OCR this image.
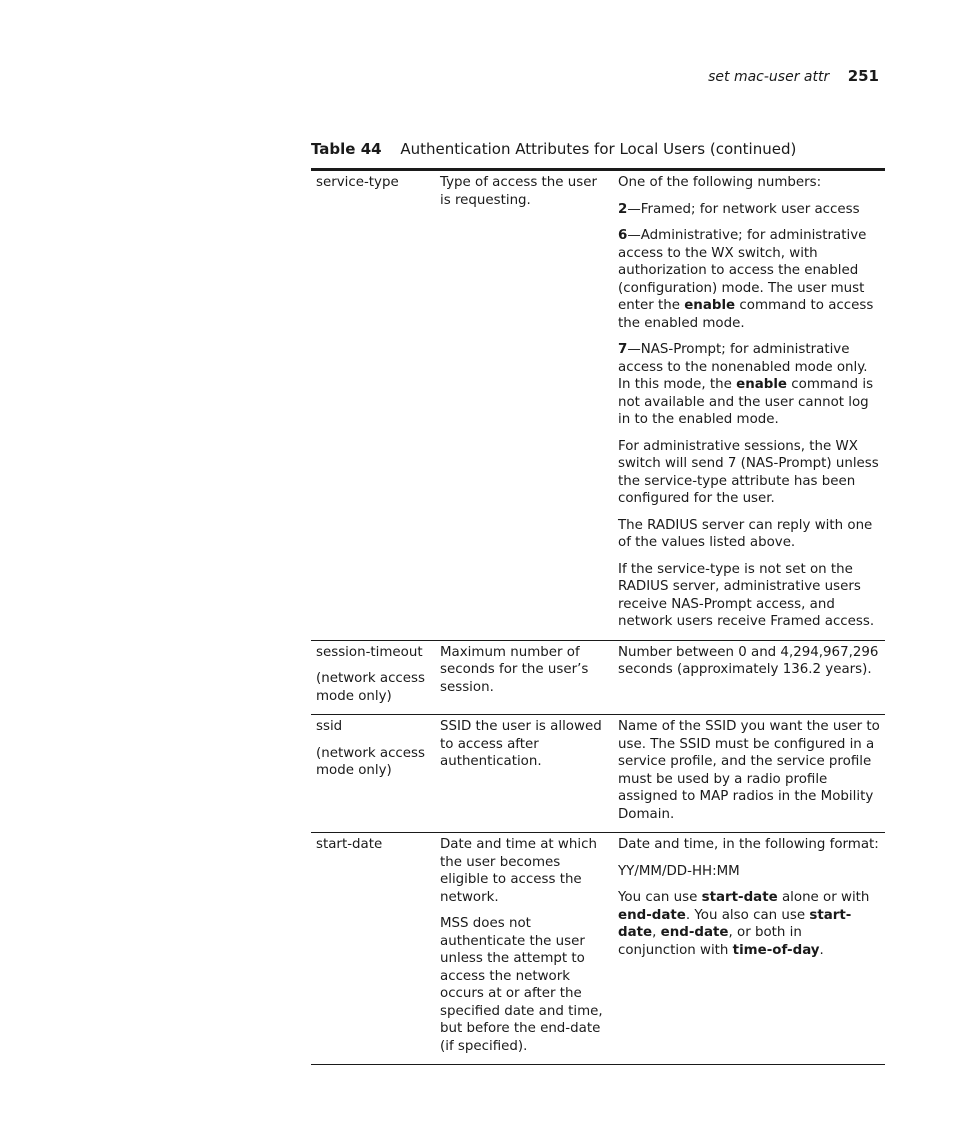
set mac-user attr 251
Table 44 Authentication Attributes for Local Users (continued)

service-type	Type of access the user is requesting.

One of the following numbers:

2—Framed; for network user access

6—Administrative; for administrative access to the WX switch, with authorization to access the enabled (configuration) mode. The user must enter the enable command to access the enabled mode.

7—NAS-Prompt; for administrative access to the nonenabled mode only. In this mode, the enable command is not available and the user cannot log in to the enabled mode.

For administrative sessions, the WX switch will send 7 (NAS-Prompt) unless the service-type attribute has been configured for the user.

The RADIUS server can reply with one of the values listed above.

If the service-type is not set on the RADIUS server, administrative users receive NAS-Prompt access, and network users receive Framed access.

session-timeout

(network access mode only)

Maximum number of seconds for the user’s session.

Number between 0 and 4,294,967,296 seconds (approximately 136.2 years).

ssid

(network access mode only)

SSID the user is allowed to access after authentication.

Name of the SSID you want the user to use. The SSID must be configured in a service profile, and the service profile must be used by a radio profile assigned to MAP radios in the Mobility Domain.

start-date	Date and time at which the user becomes eligible to access the network.

MSS does not authenticate the user unless the attempt to access the network occurs at or after the specified date and time, but before the end-date (if specified).

Date and time, in the following format:

YY/MM/DD-HH:MM

You can use start-date alone or with end-date. You also can use start-date, end-date, or both in conjunction with time-of-day.
